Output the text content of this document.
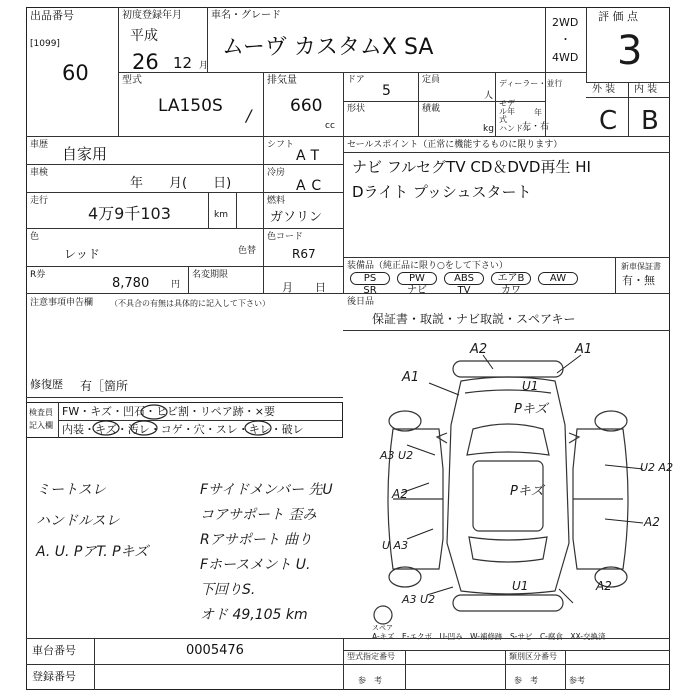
出品番号
[1099]
60
初度登録年月
平成
26 12 月
車名・グレード
ムーヴ カスタムX SA
2WD
・
4WD
評 価 点
3
外 装 内 装
C B
型式
LA150S /
排気量
660
cc
ドア
5
形状
定員
人
積載
kg
ディーラー・並行
モデル年式
年
ハンドル
左・右
車歴 自家用
車検
年　　月(　　日)
走行
4万9千103	km
色
レッド	色替
シフト
AT
冷房
AC
燃料
ガソリン
色コード
R67
R券
8,780 円
名変期限
月　　日
セールスポイント（正常に機能するものに限ります）
ナビ フルセグTV CD＆DVD再生 HI
Dライト プッシュスタート
装備品（純正品に限り○をして下さい）	新車保証書
有・無
PS
SR
PW
ナビ
ABS
TV
エアB
カワ
AW
後日品
保証書・取説・ナビ取説・スペアキー
注意事項申告欄 （不具合の有無は具体的に記入して下さい）
修復歴 有［箇所
検査員
記入欄
FW・キズ・凹石・ヒビ割・リペア跡・×要
内装・キズ・汚レ・コゲ・穴・スレ・キレ・破レ
ミートスレ
ハンドルスレ
A. U. PアT. Pキズ
Fサイドメンバー 先U
コアサポート 歪み
Rアサポート 曲り
Fホースメント U.
下回りS.
オド 49,105 km
A2	A1
A1
U1
Pキズ
A3 U2
A2	Pキズ
U2 A2
A2
U A3
U1
A3 U2
A2
スペア
A-キズ　E-エクボ　U-凹み　W-補修跡　S-サビ　C-腐食　XX-交換済
車台番号	0005476
登録番号
型式指定番号	類別区分番号
参　考	参　考	参考
